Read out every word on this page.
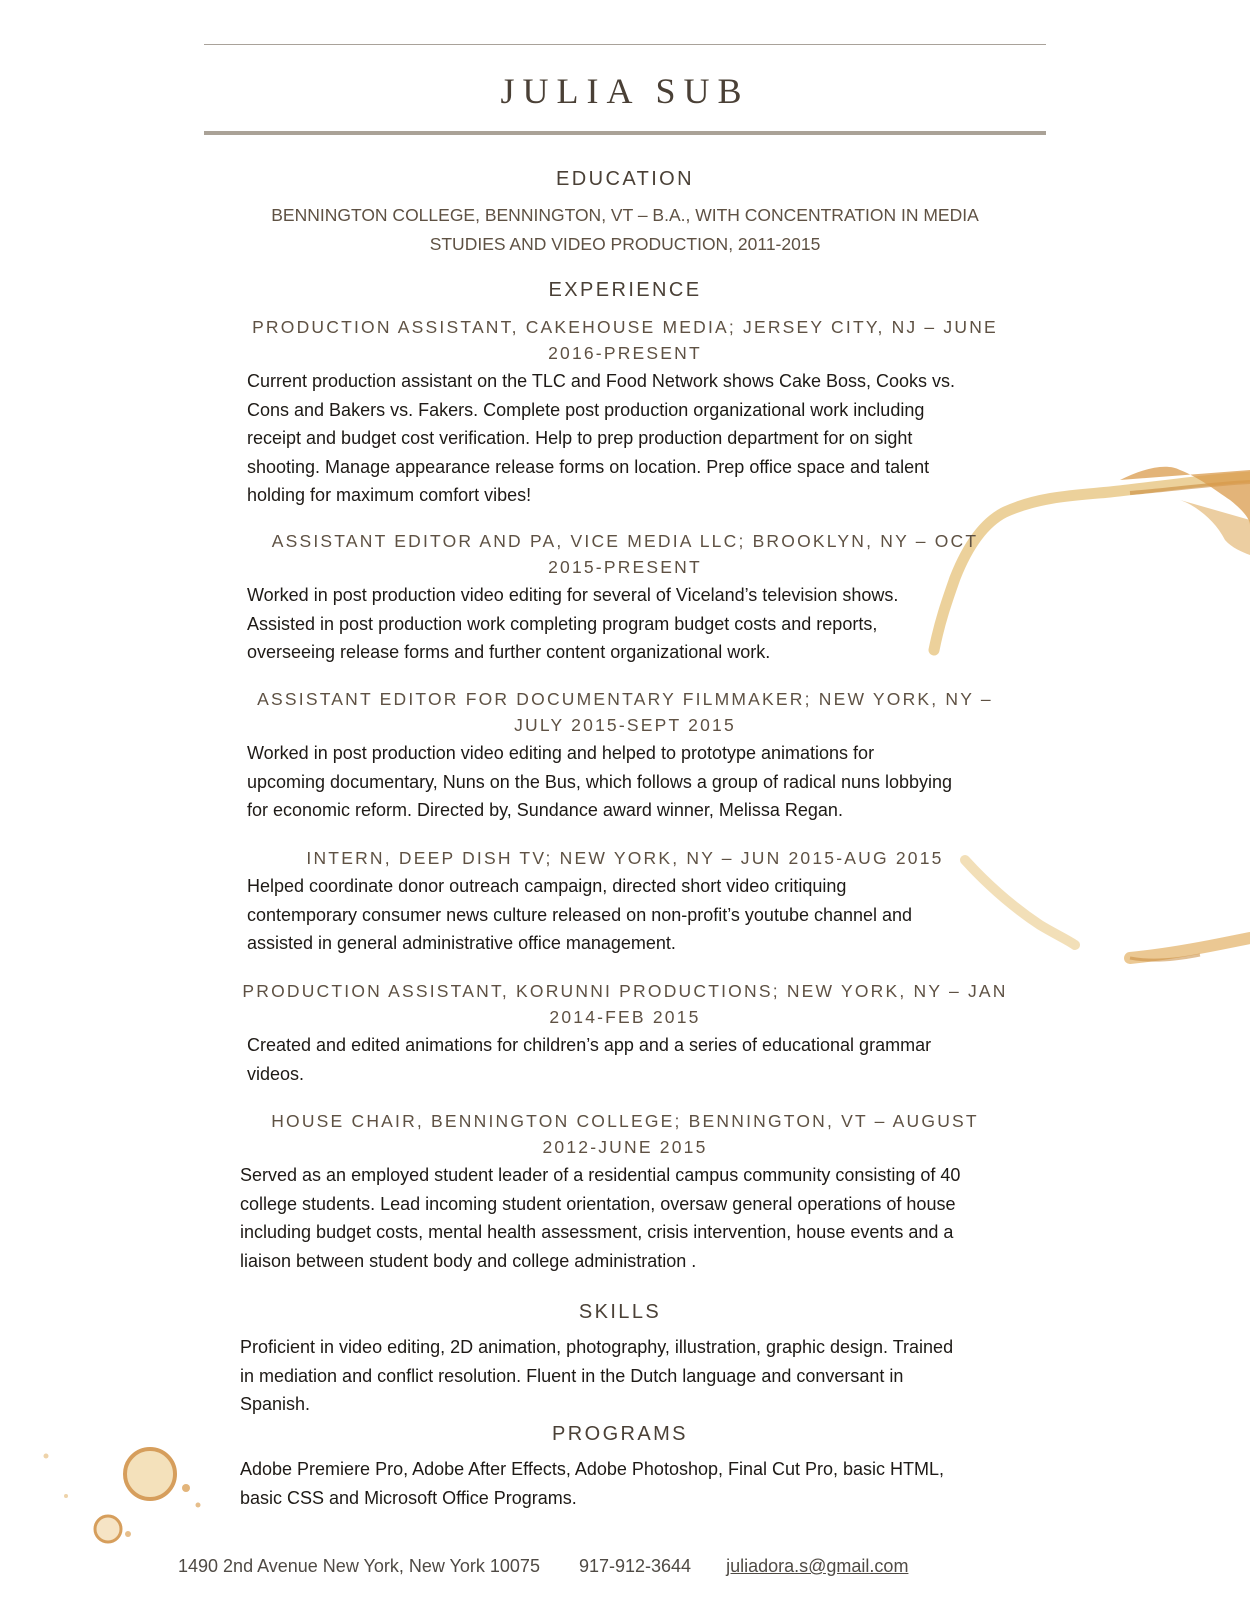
JULIA SUB
EDUCATION
BENNINGTON COLLEGE, BENNINGTON, VT – B.A., WITH CONCENTRATION IN MEDIA
STUDIES AND VIDEO PRODUCTION, 2011-2015
EXPERIENCE
PRODUCTION ASSISTANT, CAKEHOUSE MEDIA; JERSEY CITY, NJ – JUNE
2016-PRESENT
Current production assistant on the TLC and Food Network shows Cake Boss, Cooks vs.
Cons and Bakers vs. Fakers. Complete post production organizational work including
receipt and budget cost verification. Help to prep production department for on sight
shooting. Manage appearance release forms on location. Prep office space and talent
holding for maximum comfort vibes!
ASSISTANT EDITOR AND PA, VICE MEDIA LLC; BROOKLYN, NY – OCT
2015-PRESENT
Worked in post production video editing for several of Viceland’s television shows.
Assisted in post production work completing program budget costs and reports,
overseeing release forms and further content organizational work.
ASSISTANT EDITOR FOR DOCUMENTARY FILMMAKER; NEW YORK, NY –
JULY 2015-SEPT 2015
Worked in post production video editing and helped to prototype animations for
upcoming documentary, Nuns on the Bus, which follows a group of radical nuns lobbying
for economic reform. Directed by, Sundance award winner, Melissa Regan.
INTERN, DEEP DISH TV; NEW YORK, NY – JUN 2015-AUG 2015
Helped coordinate donor outreach campaign, directed short video critiquing
contemporary consumer news culture released on non-profit’s youtube channel and
assisted in general administrative office management.
PRODUCTION ASSISTANT, KORUNNI PRODUCTIONS; NEW YORK, NY – JAN
2014-FEB 2015
Created and edited animations for children’s app and a series of educational grammar
videos.
HOUSE CHAIR, BENNINGTON COLLEGE; BENNINGTON, VT – AUGUST
2012-JUNE 2015
Served as an employed student leader of a residential campus community consisting of 40
college students. Lead incoming student orientation, oversaw general operations of house
including budget costs, mental health assessment, crisis intervention, house events and a
liaison between student body and college administration .
SKILLS
Proficient in video editing, 2D animation, photography, illustration, graphic design. Trained
in mediation and conflict resolution. Fluent in the Dutch language and conversant in
Spanish.
PROGRAMS
Adobe Premiere Pro, Adobe After Effects, Adobe Photoshop, Final Cut Pro, basic HTML,
basic CSS and Microsoft Office Programs.
1490 2nd Avenue New York, New York 10075 917-912-3644 juliadora.s@gmail.com
